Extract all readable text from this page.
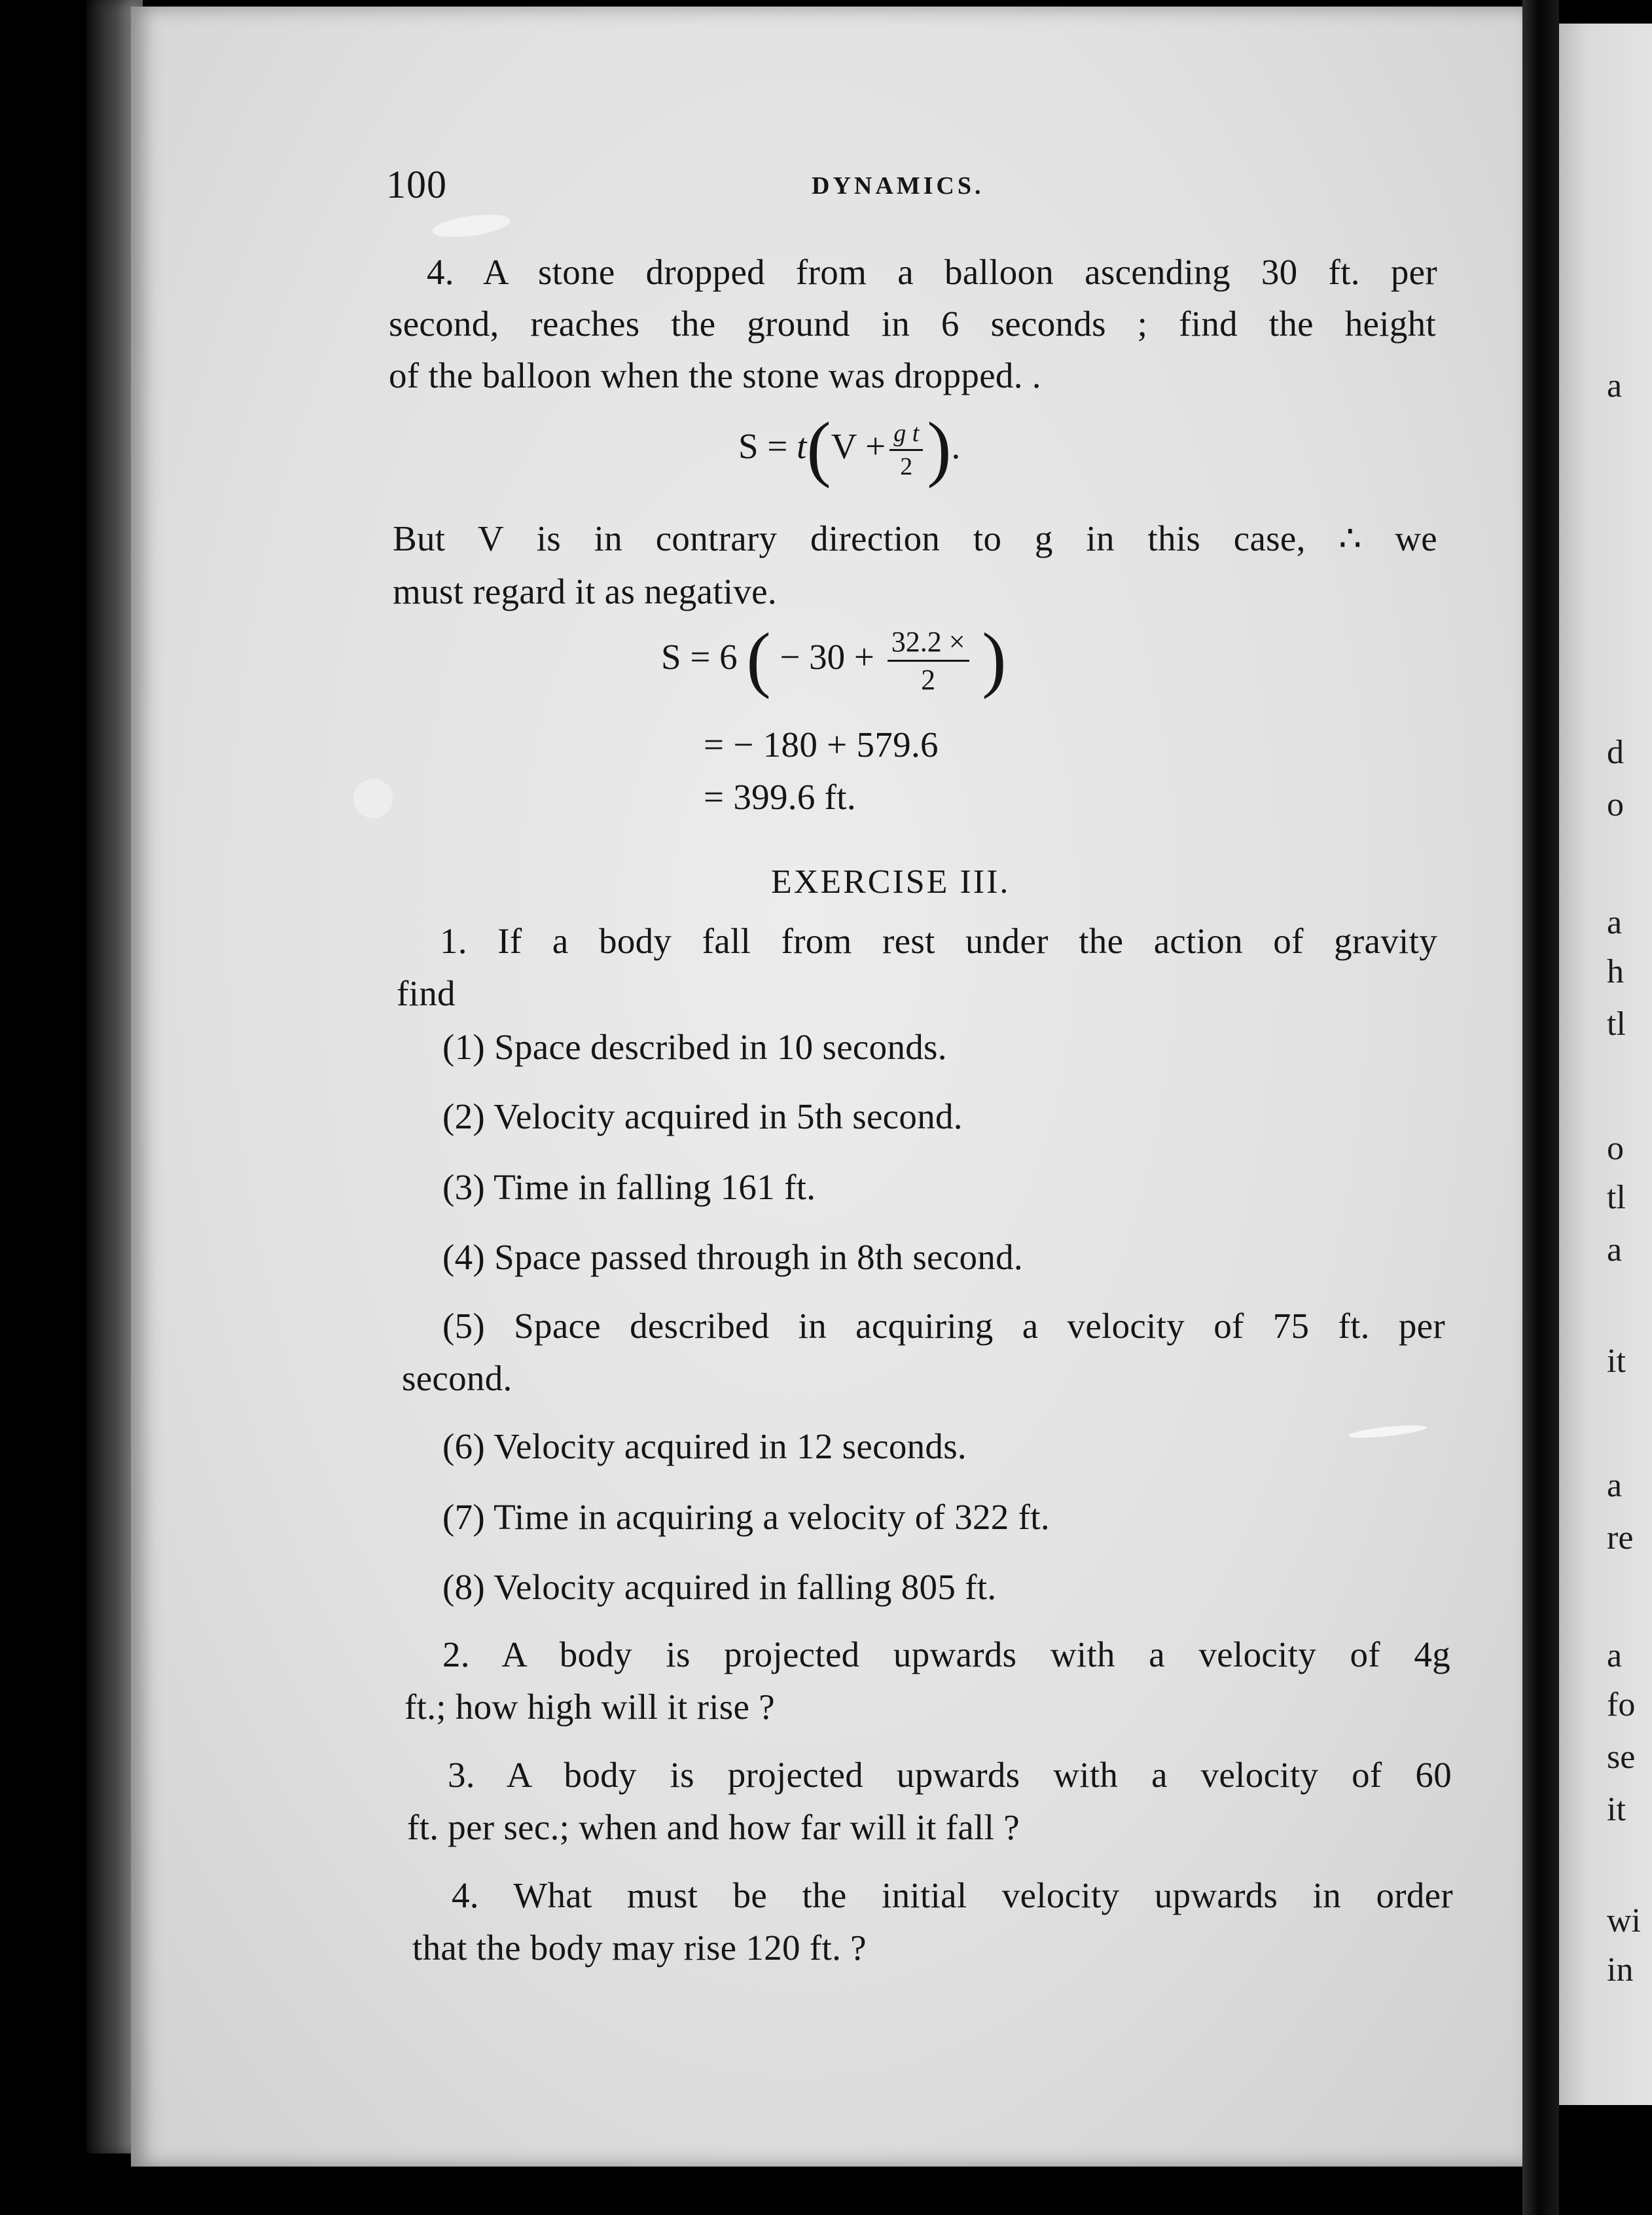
a
d
o
a
h
tl
o
tl
a
it
a
re
a
fo
se
it
wi
in
100	DYNAMICS.
4. A stone dropped from a balloon ascending 30 ft. per
second, reaches the ground in 6 seconds ; find the height
of the balloon when the stone was dropped. .
$S = t(V + \frac{\text{g t}}{2}$ ).
But V is in contrary direction to g in this case, ∴ we
must regard it as negative.
S = 6 ( − $30 + \frac{32.2 \times}{2}$ )
= − 180 + 579.6
= 399.6 ft.
EXERCISE III.
1. If a body fall from rest under the action of gravity
find
(1) Space described in 10 seconds.
(2) Velocity acquired in 5th second.
(3) Time in falling 161 ft.
(4) Space passed through in 8th second.
(5) Space described in acquiring a velocity of 75 ft. per
second.
(6) Velocity acquired in 12 seconds.
(7) Time in acquiring a velocity of 322 ft.
(8) Velocity acquired in falling 805 ft.
2. A body is projected upwards with a velocity of 4g
ft.; how high will it rise ?
3. A body is projected upwards with a velocity of 60
ft. per sec.; when and how far will it fall ?
4. What must be the initial velocity upwards in order
that the body may rise 120 ft. ?
